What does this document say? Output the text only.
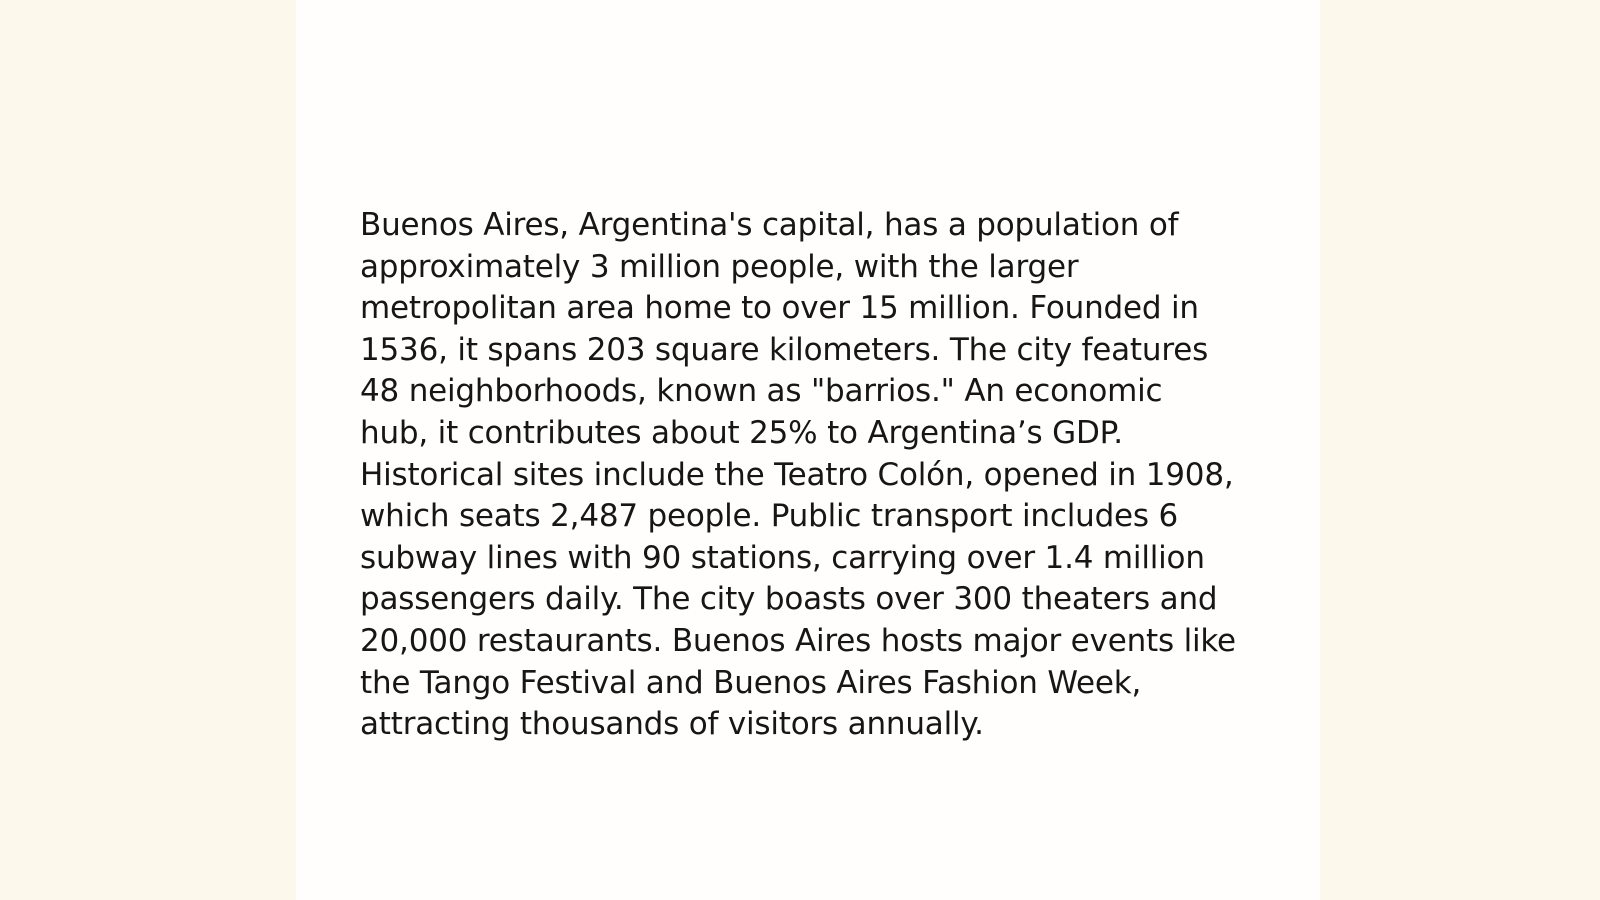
Buenos Aires, Argentina's capital, has a population of approximately 3 million people, with the larger metropolitan area home to over 15 million. Founded in 1536, it spans 203 square kilometers. The city features 48 neighborhoods, known as "barrios." An economic hub, it contributes about 25% to Argentina’s GDP. Historical sites include the Teatro Colón, opened in 1908, which seats 2,487 people. Public transport includes 6 subway lines with 90 stations, carrying over 1.4 million passengers daily. The city boasts over 300 theaters and 20,000 restaurants. Buenos Aires hosts major events like the Tango Festival and Buenos Aires Fashion Week, attracting thousands of visitors annually.
